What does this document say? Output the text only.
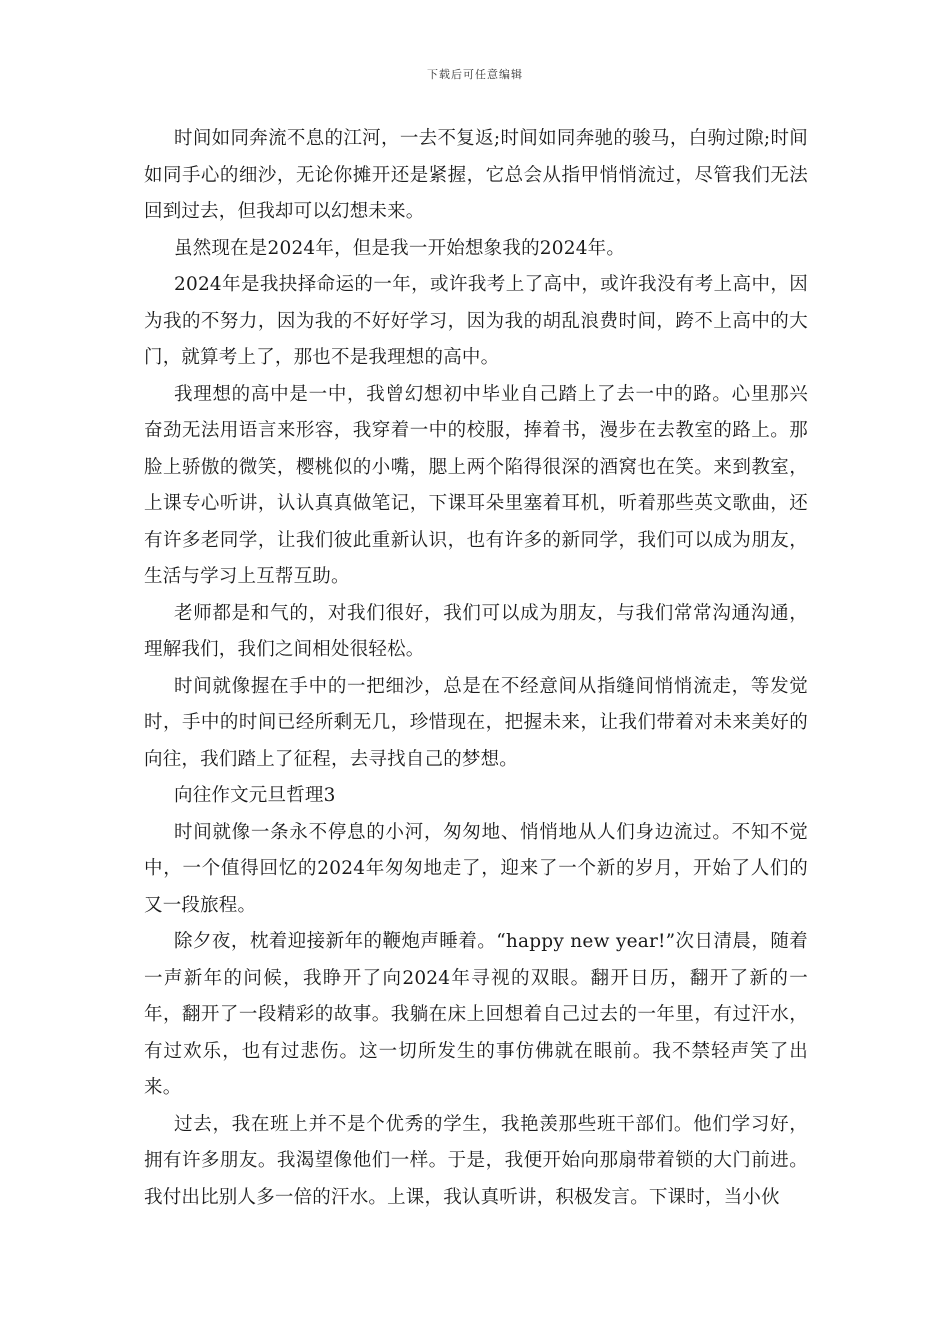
下载后可任意编辑

时间如同奔流不息的江河，一去不复返;时间如同奔驰的骏马，白驹过隙;时间如同手心的细沙，无论你摊开还是紧握，它总会从指甲悄悄流过，尽管我们无法回到过去，但我却可以幻想未来。

虽然现在是2024年，但是我一开始想象我的2024年。

2024年是我抉择命运的一年，或许我考上了高中，或许我没有考上高中，因为我的不努力，因为我的不好好学习，因为我的胡乱浪费时间，跨不上高中的大门，就算考上了，那也不是我理想的高中。

我理想的高中是一中，我曾幻想初中毕业自己踏上了去一中的路。心里那兴奋劲无法用语言来形容，我穿着一中的校服，捧着书，漫步在去教室的路上。那脸上骄傲的微笑，樱桃似的小嘴，腮上两个陷得很深的酒窝也在笑。来到教室，上课专心听讲，认认真真做笔记，下课耳朵里塞着耳机，听着那些英文歌曲，还有许多老同学，让我们彼此重新认识，也有许多的新同学，我们可以成为朋友，生活与学习上互帮互助。

老师都是和气的，对我们很好，我们可以成为朋友，与我们常常沟通沟通，理解我们，我们之间相处很轻松。

时间就像握在手中的一把细沙，总是在不经意间从指缝间悄悄流走，等发觉时，手中的时间已经所剩无几，珍惜现在，把握未来，让我们带着对未来美好的向往，我们踏上了征程，去寻找自己的梦想。

向往作文元旦哲理3

时间就像一条永不停息的小河，匆匆地、悄悄地从人们身边流过。不知不觉中，一个值得回忆的2024年匆匆地走了，迎来了一个新的岁月，开始了人们的又一段旅程。

除夕夜，枕着迎接新年的鞭炮声睡着。“happy new year!”次日清晨，随着一声新年的问候，我睁开了向2024年寻视的双眼。翻开日历，翻开了新的一年，翻开了一段精彩的故事。我躺在床上回想着自己过去的一年里，有过汗水，有过欢乐，也有过悲伤。这一切所发生的事仿佛就在眼前。我不禁轻声笑了出来。

过去，我在班上并不是个优秀的学生，我艳羡那些班干部们。他们学习好，拥有许多朋友。我渴望像他们一样。于是，我便开始向那扇带着锁的大门前进。我付出比别人多一倍的汗水。上课，我认真听讲，积极发言。下课时，当小伙
